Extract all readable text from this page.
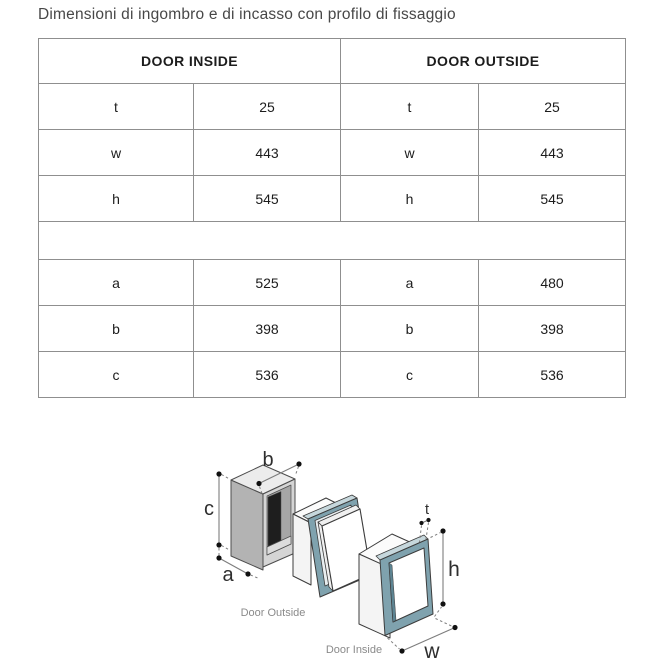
Dimensioni di ingombro e di incasso con profilo di fissaggio
DOOR INSIDE		DOOR OUTSIDE	
t	25	t	25
w	443	w	443
h	545	h	545

a	525	a	480
b	398	b	398
c	536	c	536
c
a
b
t
h
w
Door Outside
Door Inside
